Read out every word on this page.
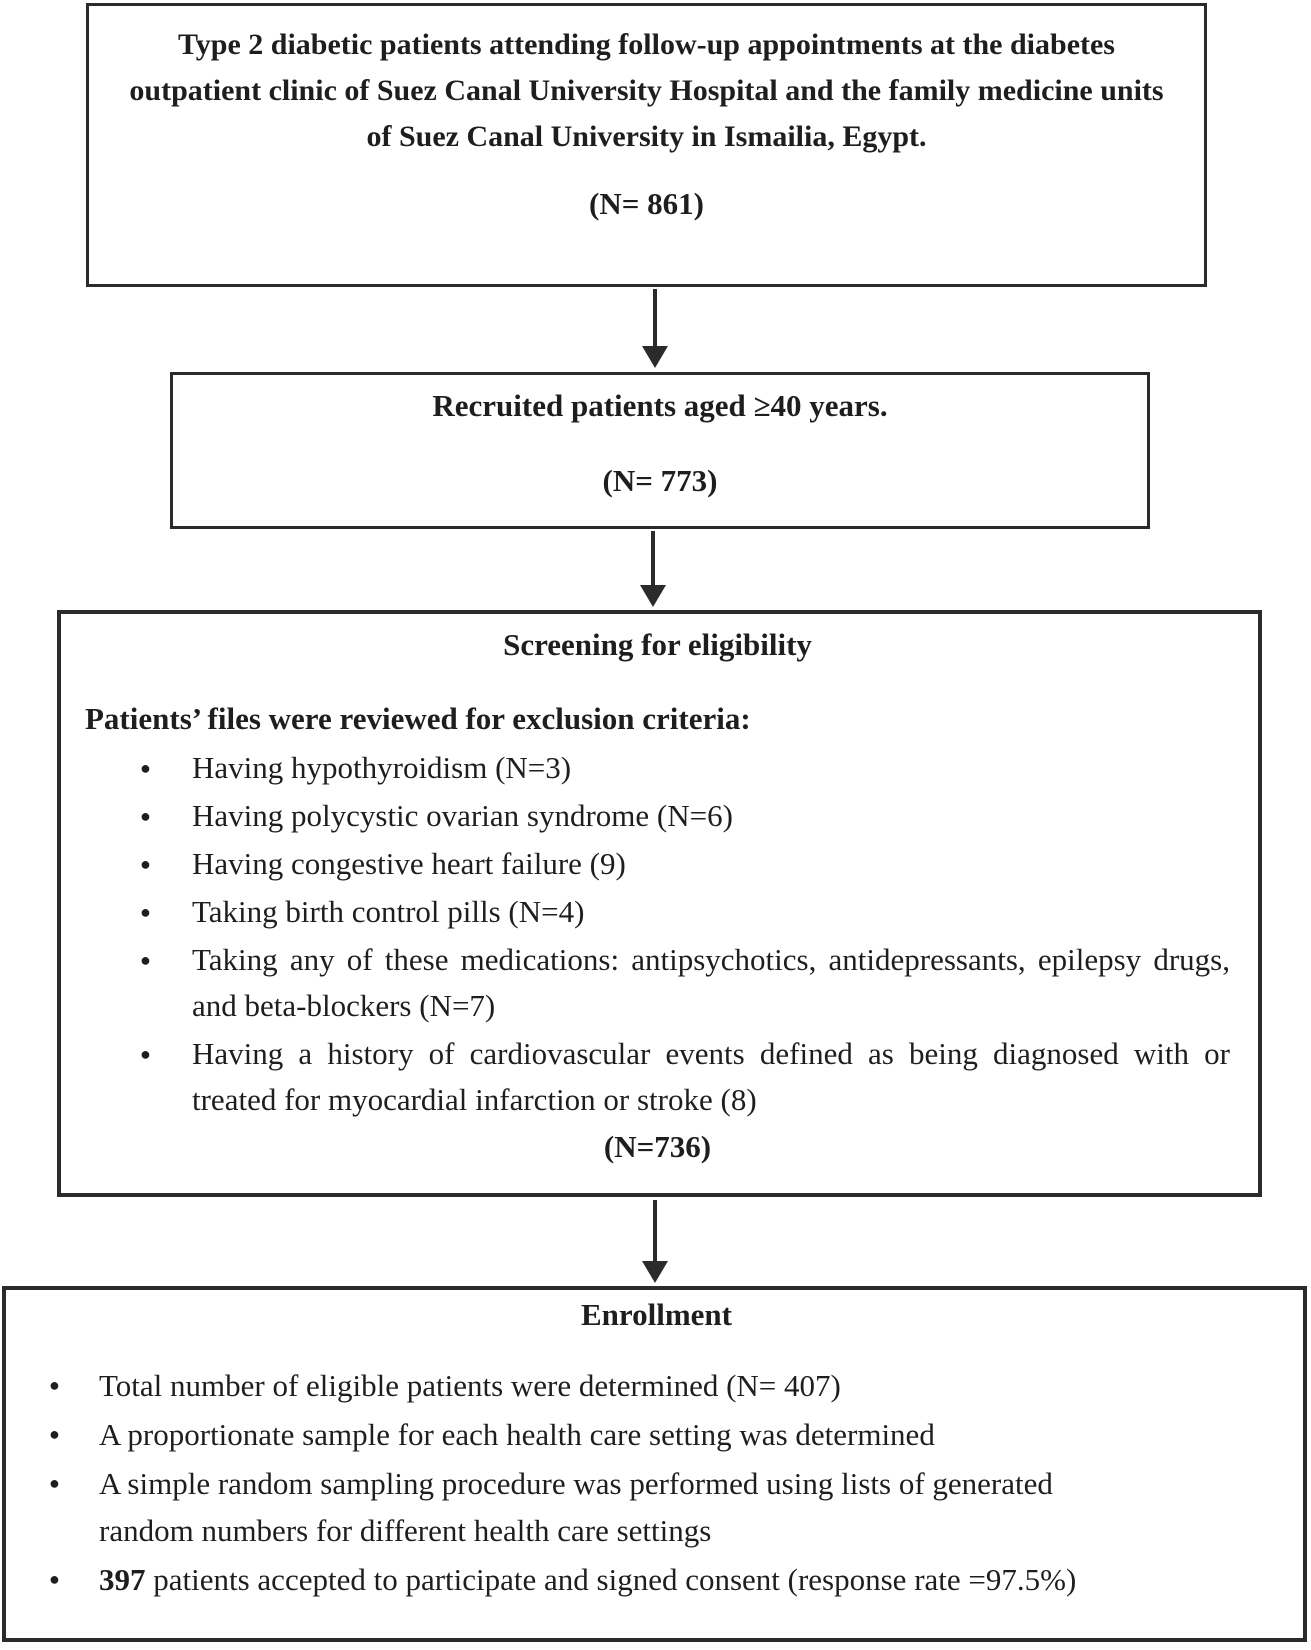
Type 2 diabetic patients attending follow-up appointments at the diabetes outpatient clinic of Suez Canal University Hospital and the family medicine units of Suez Canal University in Ismailia, Egypt.
(N= 861)
Recruited patients aged ≥40 years.
(N= 773)
Screening for eligibility
Patients’ files were reviewed for exclusion criteria:
● Having hypothyroidism (N=3)
● Having polycystic ovarian syndrome (N=6)
● Having congestive heart failure (9)
● Taking birth control pills (N=4)
● Taking any of these medications: antipsychotics, antidepressants, epilepsy drugs, and beta-blockers (N=7)
● Having a history of cardiovascular events defined as being diagnosed with or treated for myocardial infarction or stroke (8)
(N=736)
Enrollment
● Total number of eligible patients were determined (N= 407)
● A proportionate sample for each health care setting was determined
● A simple random sampling procedure was performed using lists of generated random numbers for different health care settings
● 397 patients accepted to participate and signed consent (response rate =97.5%)
